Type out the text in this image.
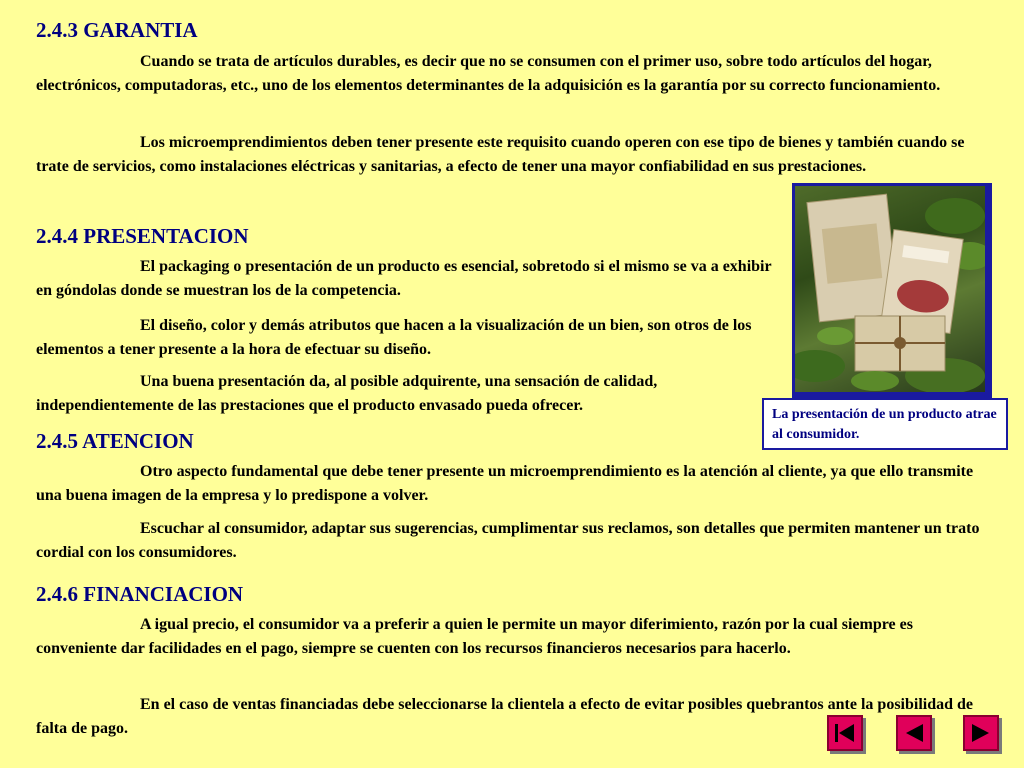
2.4.3 GARANTIA

Cuando se trata de artículos durables, es decir que no se consumen con el primer uso, sobre todo artículos del hogar, electrónicos, computadoras, etc., uno de los elementos determinantes de la adquisición es la garantía por su correcto funcionamiento.

Los microemprendimientos deben tener presente este requisito cuando operen con ese tipo de bienes y también cuando se trate de servicios, como instalaciones eléctricas y sanitarias, a efecto de tener una mayor confiabilidad en sus prestaciones.

2.4.4 PRESENTACION

El packaging o presentación de un producto es esencial, sobretodo si el mismo se va a exhibir en góndolas donde se muestran los de la competencia.

El diseño, color y demás atributos que hacen a la visualización de un bien, son otros de los elementos a tener presente a la hora de efectuar su diseño.

Una buena presentación da, al posible adquirente, una sensación de calidad, independientemente de las prestaciones que el producto envasado pueda ofrecer.

La presentación de un producto atrae al consumidor.
2.4.5 ATENCION

Otro aspecto fundamental que debe tener presente un microemprendimiento es la atención al cliente, ya que ello transmite una buena imagen de la empresa y lo predispone a volver.

Escuchar al consumidor, adaptar sus sugerencias, cumplimentar sus reclamos, son detalles que permiten mantener un trato cordial con los consumidores.

2.4.6 FINANCIACION

A igual precio, el consumidor va a preferir a quien le permite un mayor diferimiento, razón por la cual siempre es conveniente dar facilidades en el pago, siempre se cuenten con los recursos financieros necesarios para hacerlo.

En el caso de ventas financiadas debe seleccionarse la clientela a efecto de evitar posibles quebrantos ante la posibilidad de falta de pago.
